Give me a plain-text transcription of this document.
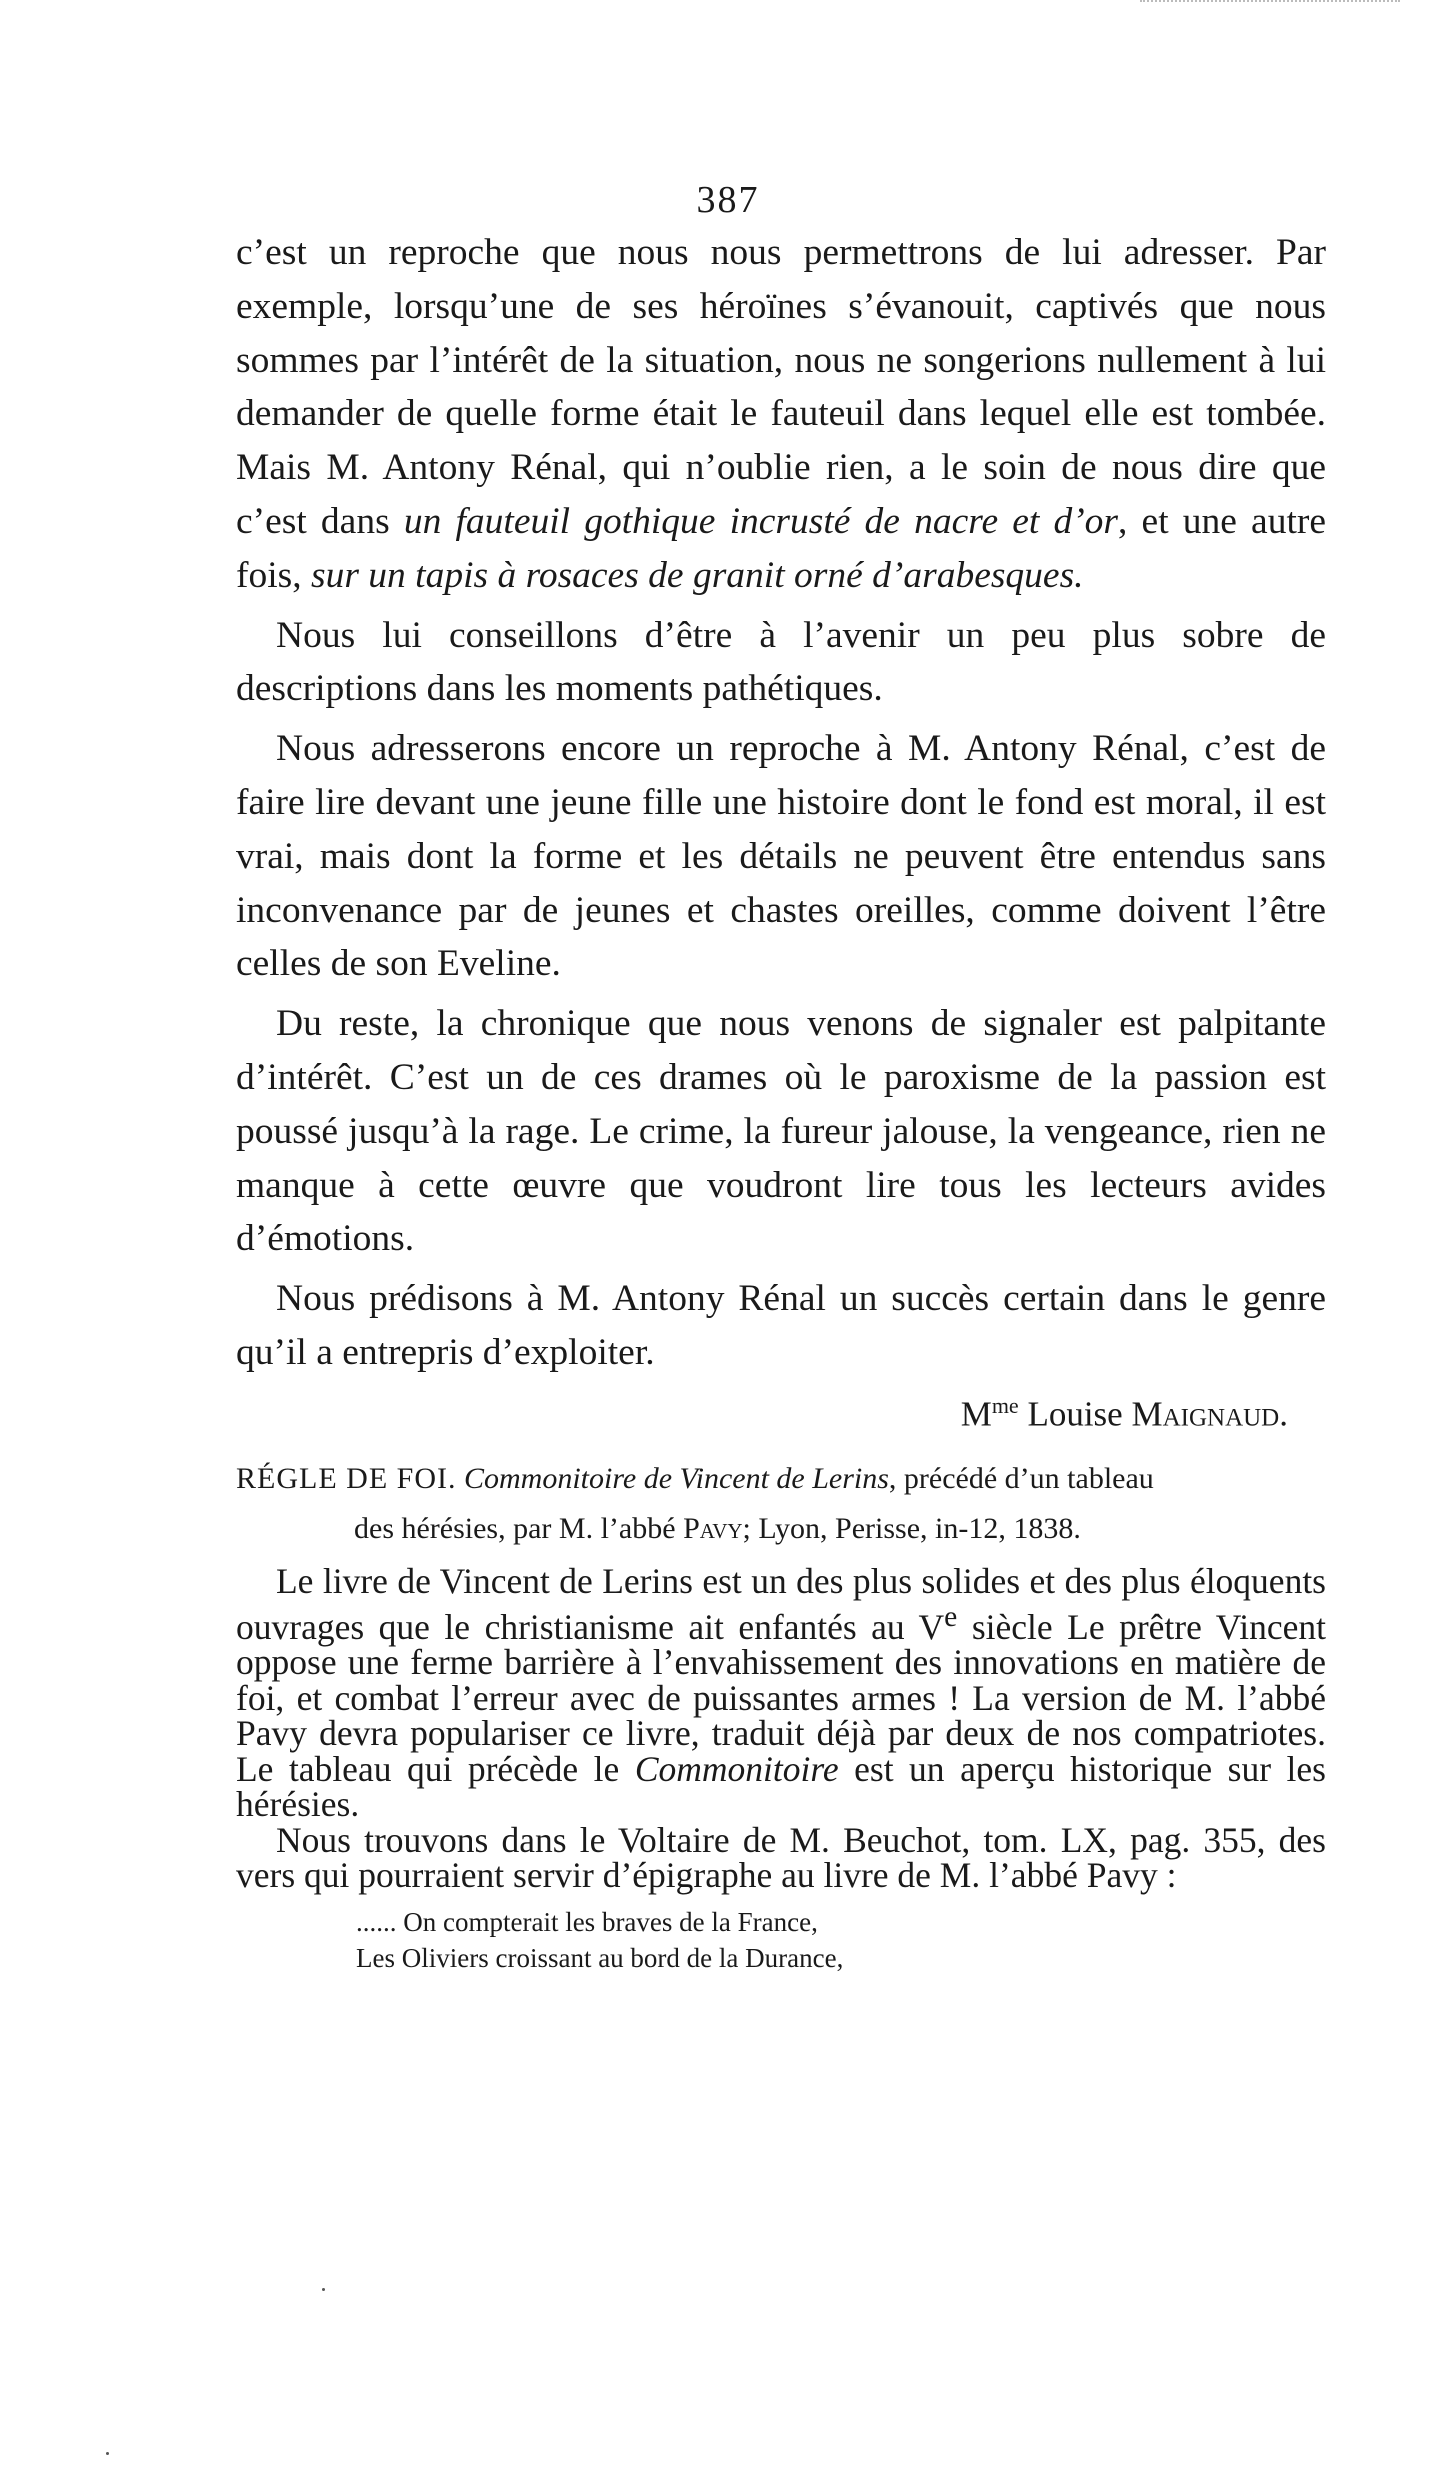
387

c’est un reproche que nous nous permettrons de lui adresser. Par exemple, lorsqu’une de ses héroïnes s’évanouit, captivés que nous sommes par l’intérêt de la situation, nous ne songerions nullement à lui demander de quelle forme était le fauteuil dans lequel elle est tombée. Mais M. Antony Rénal, qui n’oublie rien, a le soin de nous dire que c’est dans un fauteuil gothique incrusté de nacre et d’or, et une autre fois, sur un tapis à rosaces de granit orné d’arabesques.

Nous lui conseillons d’être à l’avenir un peu plus sobre de descriptions dans les moments pathétiques.

Nous adresserons encore un reproche à M. Antony Rénal, c’est de faire lire devant une jeune fille une histoire dont le fond est moral, il est vrai, mais dont la forme et les détails ne peuvent être entendus sans inconvenance par de jeunes et chastes oreilles, comme doivent l’être celles de son Eveline.

Du reste, la chronique que nous venons de signaler est palpitante d’intérêt. C’est un de ces drames où le paroxisme de la passion est poussé jusqu’à la rage. Le crime, la fureur jalouse, la vengeance, rien ne manque à cette œuvre que voudront lire tous les lecteurs avides d’émotions.

Nous prédisons à M. Antony Rénal un succès certain dans le genre qu’il a entrepris d’exploiter.

$M^{me}$ Louise Maignaud.

RÉGLE DE FOI. Commonitoire de Vincent de Lerins, précédé d’un tableau
des hérésies, par M. l’abbé Pavy; Lyon, Perisse, in-12, 1838.

Le livre de Vincent de Lerins est un des plus solides et des plus éloquents ouvrages que le christianisme ait enfantés au Ve siècle Le prêtre Vincent oppose une ferme barrière à l’envahissement des innovations en matière de foi, et combat l’erreur avec de puissantes armes ! La version de M. l’abbé Pavy devra populariser ce livre, traduit déjà par deux de nos compatriotes. Le tableau qui précède le Commonitoire est un aperçu historique sur les hérésies.

Nous trouvons dans le Voltaire de M. Beuchot, tom. LX, pag. 355, des vers qui pourraient servir d’épigraphe au livre de M. l’abbé Pavy :

...... On compterait les braves de la France,
Les Oliviers croissant au bord de la Durance,
